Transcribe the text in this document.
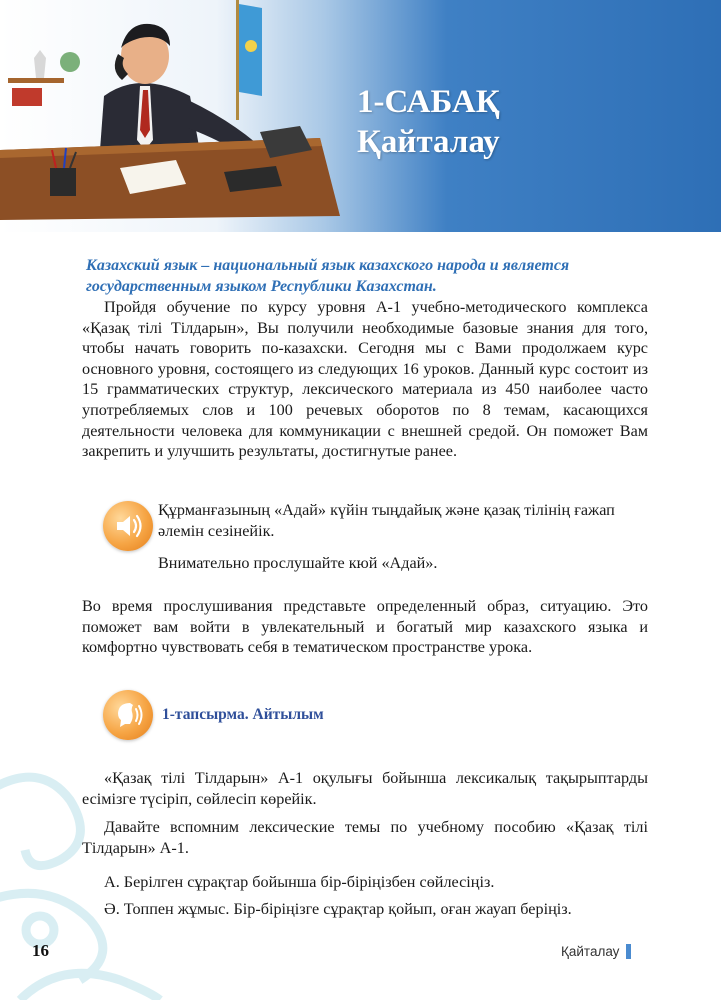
1-САБАҚ
Қайталау
Казахский язык – национальный язык казахского народа и является государственным языком Республики Казахстан.
Пройдя обучение по курсу уровня А-1 учебно-методического комплекса «Қазақ тілі Тілдарын», Вы получили необходимые базовые знания для того, чтобы начать говорить по-казахски. Сегодня мы с Вами продолжаем курс основного уровня, состоящего из следующих 16 уроков. Данный курс состоит из 15 грамматических структур, лексического материала из 450 наиболее часто употребляемых слов и 100 речевых оборотов по 8 темам, касающихся деятельности человека для коммуникации с внешней средой. Он поможет Вам закрепить и улучшить результаты, достигнутые ранее.
Құрманғазының «Адай» күйін тыңдайық және қазақ тілінің ғажап әлемін сезінейік.
Внимательно прослушайте кюй «Адай».
Во время прослушивания представьте определенный образ, ситуацию. Это поможет вам войти в увлекательный и богатый мир казахского языка и комфортно чувствовать себя в тематическом пространстве урока.
1-тапсырма. Айтылым
«Қазақ тілі Тілдарын» А-1 оқулығы бойынша лексикалық тақырыптарды есімізге түсіріп, сөйлесіп көрейік.
Давайте вспомним лексические темы по учебному пособию «Қазақ тілі Тілдарын» А-1.
А. Берілген сұрақтар бойынша бір-біріңізбен сөйлесіңіз.
Ә. Топпен жұмыс. Бір-біріңізге сұрақтар қойып, оған жауап беріңіз.
16	Қайталау
